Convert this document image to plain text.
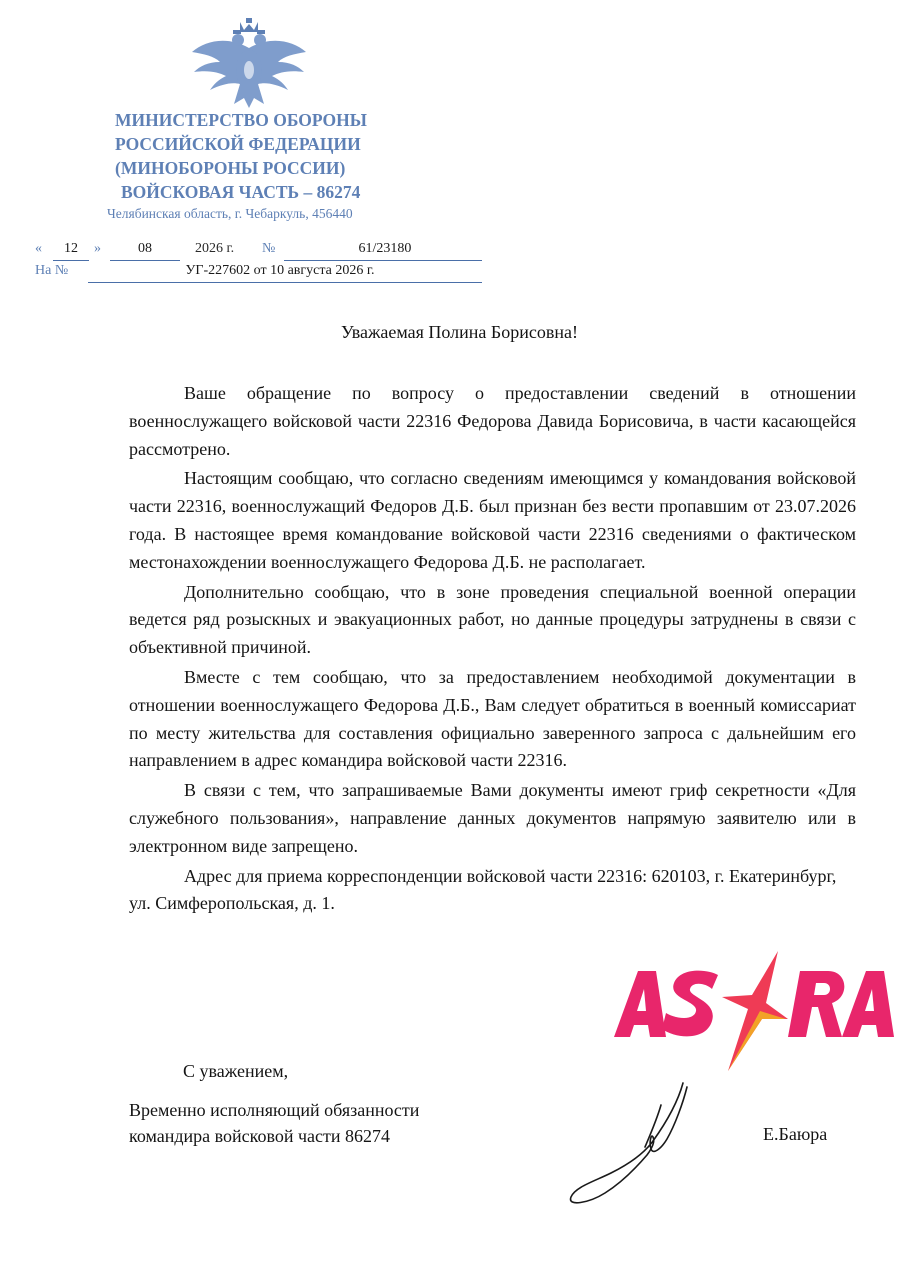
МИНИСТЕРСТВО ОБОРОНЫ
РОССИЙСКОЙ ФЕДЕРАЦИИ
(МИНОБОРОНЫ РОССИИ)
ВОЙСКОВАЯ ЧАСТЬ – 86274
Челябинская область, г. Чебаркуль, 456440
«	12	»	08	2026 г. №	61/23180
На №	УГ-227602 от 10 августа 2026 г.
Уважаемая Полина Борисовна!

Ваше обращение по вопросу о предоставлении сведений в отношении военнослужащего войсковой части 22316 Федорова Давида Борисовича, в части касающейся рассмотрено.

Настоящим сообщаю, что согласно сведениям имеющимся у командования войсковой части 22316, военнослужащий Федоров Д.Б. был признан без вести пропавшим от 23.07.2026 года. В настоящее время командование войсковой части 22316 сведениями о фактическом местонахождении военнослужащего Федорова Д.Б. не располагает.

Дополнительно сообщаю, что в зоне проведения специальной военной операции ведется ряд розыскных и эвакуационных работ, но данные процедуры затруднены в связи с объективной причиной.

Вместе с тем сообщаю, что за предоставлением необходимой документации в отношении военнослужащего Федорова Д.Б., Вам следует обратиться в военный комиссариат по месту жительства для составления официально заверенного запроса с дальнейшим его направлением в адрес командира войсковой части 22316.

В связи с тем, что запрашиваемые Вами документы имеют гриф секретности «Для служебного пользования», направление данных документов напрямую заявителю или в электронном виде запрещено.

Адрес для приема корреспонденции войсковой части 22316: 620103, г. Екатеринбург, ул. Симферопольская, д. 1.

С уважением,
Временно исполняющий обязанности
командира войсковой части 86274	Е.Баюра
ASTRA
